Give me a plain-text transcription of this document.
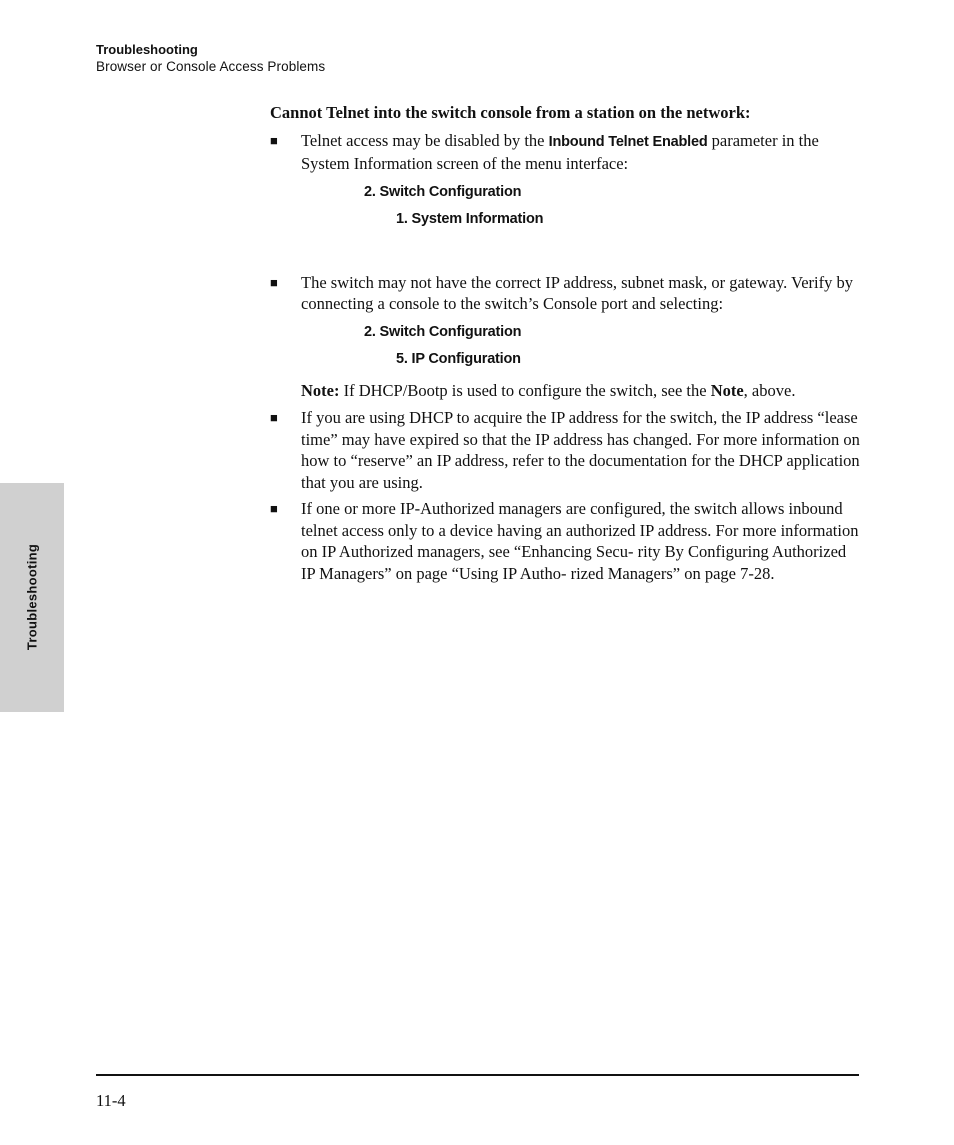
Troubleshooting
Browser or Console Access Problems
Troubleshooting
Cannot Telnet into the switch console from a station on the network:
■ Telnet access may be disabled by the Inbound Telnet Enabled parameter in the System Information screen of the menu interface:
2. Switch Configuration
1. System Information
■ The switch may not have the correct IP address, subnet mask, or gateway. Verify by connecting a console to the switch’s Console port and selecting:
2. Switch Configuration
5. IP Configuration
Note: If DHCP/Bootp is used to configure the switch, see the Note, above.
■ If you are using DHCP to acquire the IP address for the switch, the IP address “lease time” may have expired so that the IP address has changed. For more information on how to “reserve” an IP address, refer to the documentation for the DHCP application that you are using.
■ If one or more IP-Authorized managers are configured, the switch allows inbound telnet access only to a device having an authorized IP address. For more information on IP Authorized managers, see “Enhancing Secu- rity By Configuring Authorized IP Managers” on page “Using IP Autho- rized Managers” on page 7-28.
11-4
